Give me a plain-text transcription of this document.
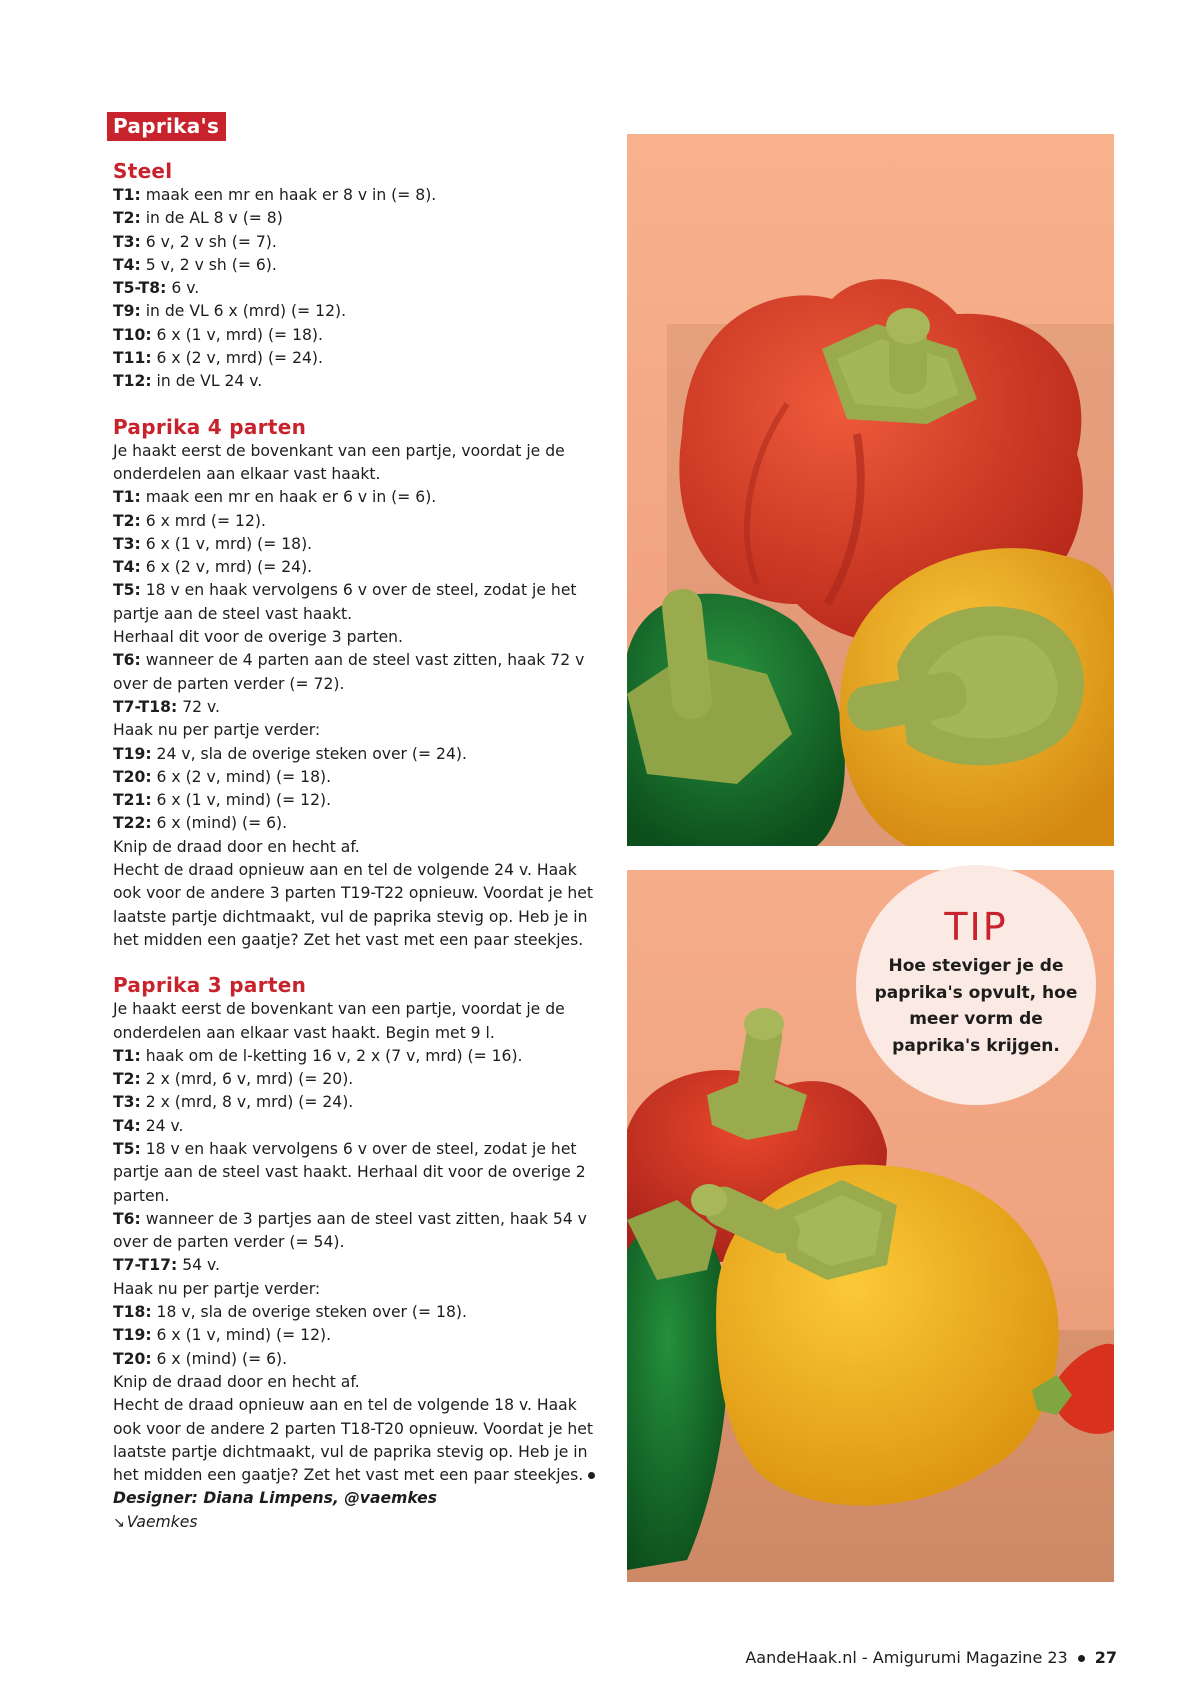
Paprika's
Steel

T1: maak een mr en haak er 8 v in (= 8).

T2: in de AL 8 v (= 8)

T3: 6 v, 2 v sh (= 7).

T4: 5 v, 2 v sh (= 6).

T5-T8: 6 v.

T9: in de VL 6 x (mrd) (= 12).

T10: 6 x (1 v, mrd) (= 18).

T11: 6 x (2 v, mrd) (= 24).

T12: in de VL 24 v.

Paprika 4 parten

Je haakt eerst de bovenkant van een partje, voordat je de onderdelen aan elkaar vast haakt.

T1: maak een mr en haak er 6 v in (= 6).

T2: 6 x mrd (= 12).

T3: 6 x (1 v, mrd) (= 18).

T4: 6 x (2 v, mrd) (= 24).

T5: 18 v en haak vervolgens 6 v over de steel, zodat je het partje aan de steel vast haakt.

Herhaal dit voor de overige 3 parten.

T6: wanneer de 4 parten aan de steel vast zitten, haak 72 v over de parten verder (= 72).

T7-T18: 72 v.

Haak nu per partje verder:

T19: 24 v, sla de overige steken over (= 24).

T20: 6 x (2 v, mind) (= 18).

T21: 6 x (1 v, mind) (= 12).

T22: 6 x (mind) (= 6).

Knip de draad door en hecht af.

Hecht de draad opnieuw aan en tel de volgende 24 v. Haak ook voor de andere 3 parten T19-T22 opnieuw. Voordat je het laatste partje dichtmaakt, vul de paprika stevig op. Heb je in het midden een gaatje? Zet het vast met een paar steekjes.

Paprika 3 parten

Je haakt eerst de bovenkant van een partje, voordat je de onderdelen aan elkaar vast haakt. Begin met 9 l.

T1: haak om de l-ketting 16 v, 2 x (7 v, mrd) (= 16).

T2: 2 x (mrd, 6 v, mrd) (= 20).

T3: 2 x (mrd, 8 v, mrd) (= 24).

T4: 24 v.

T5: 18 v en haak vervolgens 6 v over de steel, zodat je het partje aan de steel vast haakt. Herhaal dit voor de overige 2 parten.

T6: wanneer de 3 partjes aan de steel vast zitten, haak 54 v over de parten verder (= 54).

T7-T17: 54 v.

Haak nu per partje verder:

T18: 18 v, sla de overige steken over (= 18).

T19: 6 x (1 v, mind) (= 12).

T20: 6 x (mind) (= 6).

Knip de draad door en hecht af.

Hecht de draad opnieuw aan en tel de volgende 18 v. Haak ook voor de andere 2 parten T18-T20 opnieuw. Voordat je het laatste partje dichtmaakt, vul de paprika stevig op. Heb je in het midden een gaatje? Zet het vast met een paar steekjes.

Designer: Diana Limpens, @vaemkes

↘ Vaemkes

TIP
Hoe steviger je de paprika's opvult, hoe meer vorm de paprika's krijgen.
AandeHaak.nl - Amigurumi Magazine 23 27
